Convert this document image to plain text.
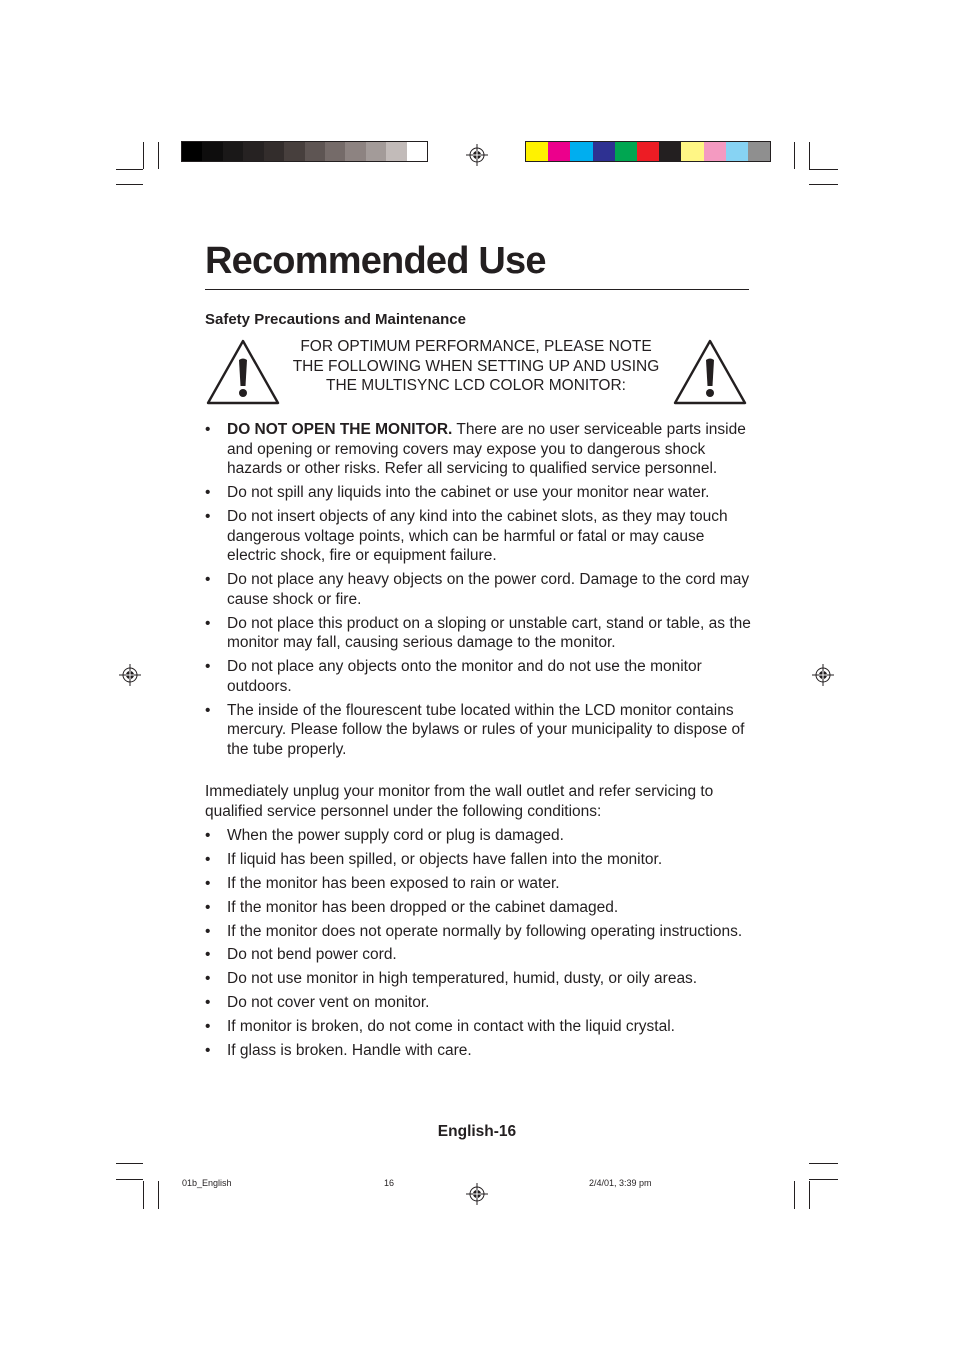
Recommended Use
Safety Precautions and Maintenance
FOR OPTIMUM PERFORMANCE, PLEASE NOTE THE FOLLOWING WHEN SETTING UP AND USING THE MULTISYNC LCD COLOR MONITOR:
• DO NOT OPEN THE MONITOR. There are no user serviceable parts inside and opening or removing covers may expose you to dangerous shock hazards or other risks. Refer all servicing to qualified service personnel.
• Do not spill any liquids into the cabinet or use your monitor near water.
• Do not insert objects of any kind into the cabinet slots, as they may touch dangerous voltage points, which can be harmful or fatal or may cause electric shock, fire or equipment failure.
• Do not place any heavy objects on the power cord. Damage to the cord may cause shock or fire.
• Do not place this product on a sloping or unstable cart, stand or table, as the monitor may fall, causing serious damage to the monitor.
• Do not place any objects onto the monitor and do not use the monitor outdoors.
• The inside of the flourescent tube located within the LCD monitor contains mercury. Please follow the bylaws or rules of your municipality to dispose of the tube properly.
Immediately unplug your monitor from the wall outlet and refer servicing to qualified service personnel under the following conditions:
• When the power supply cord or plug is damaged.
• If liquid has been spilled, or objects have fallen into the monitor.
• If the monitor has been exposed to rain or water.
• If the monitor has been dropped or the cabinet damaged.
• If the monitor does not operate normally by following operating instructions.
• Do not bend power cord.
• Do not use monitor in high temperatured, humid, dusty, or oily areas.
• Do not cover vent on monitor.
• If monitor is broken, do not come in contact with the liquid crystal.
• If glass is broken. Handle with care.
English-16
01b_English	16	2/4/01, 3:39 pm
